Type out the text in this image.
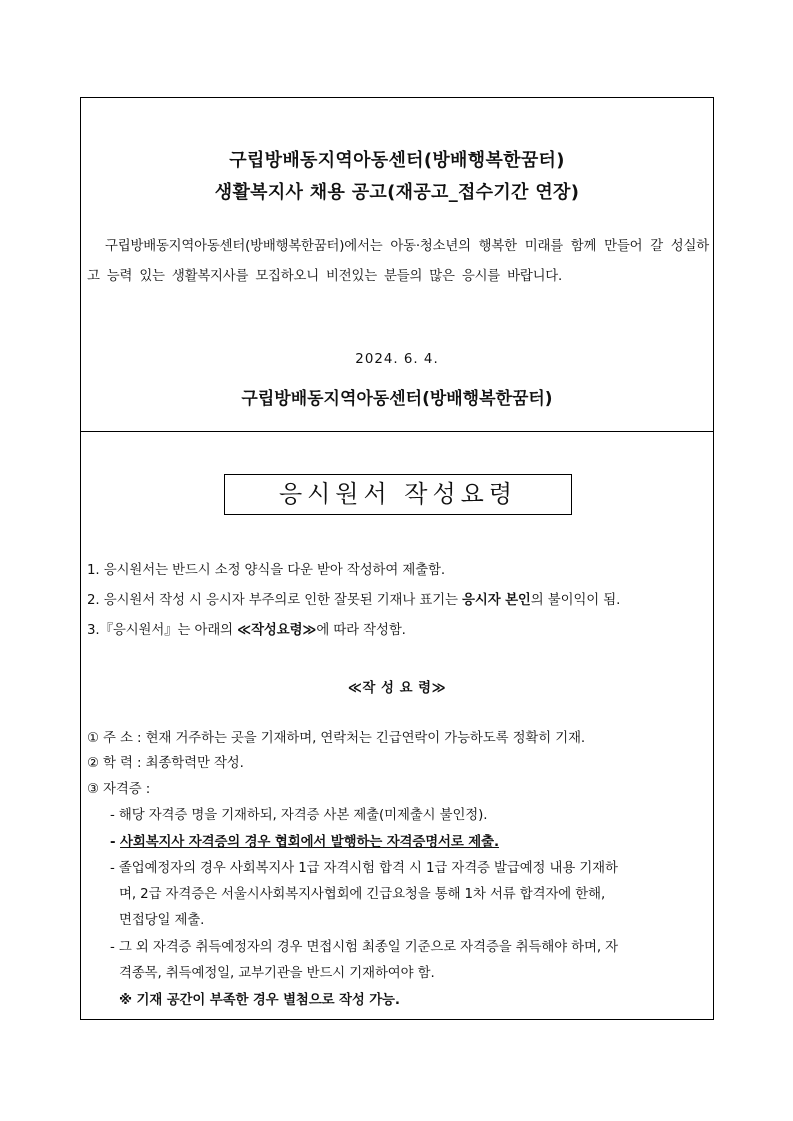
구립방배동지역아동센터(방배행복한꿈터)
생활복지사 채용 공고(재공고_접수기간 연장)
구립방배동지역아동센터(방배행복한꿈터)에서는 아동·청소년의 행복한 미래를 함께 만들어 갈 성실하고 능력 있는 생활복지사를 모집하오니 비전있는 분들의 많은 응시를 바랍니다.
2024. 6. 4.
구립방배동지역아동센터(방배행복한꿈터)
응시원서 작성요령
1. 응시원서는 반드시 소정 양식을 다운 받아 작성하여 제출함.
2. 응시원서 작성 시 응시자 부주의로 인한 잘못된 기재나 표기는 응시자 본인의 불이익이 됨.
3.『응시원서』는 아래의 ≪작성요령≫에 따라 작성함.
≪작 성 요 령≫
① 주 소 : 현재 거주하는 곳을 기재하며, 연락처는 긴급연락이 가능하도록 정확히 기재.
② 학 력 : 최종학력만 작성.
③ 자격증 :
- 해당 자격증 명을 기재하되, 자격증 사본 제출(미제출시 불인정).
- 사회복지사 자격증의 경우 협회에서 발행하는 자격증명서로 제출.
- 졸업예정자의 경우 사회복지사 1급 자격시험 합격 시 1급 자격증 발급예정 내용 기재하
며, 2급 자격증은 서울시사회복지사협회에 긴급요청을 통해 1차 서류 합격자에 한해,
면접당일 제출.
- 그 외 자격증 취득예정자의 경우 면접시험 최종일 기준으로 자격증을 취득해야 하며, 자
격종목, 취득예정일, 교부기관을 반드시 기재하여야 함.
※ 기재 공간이 부족한 경우 별첨으로 작성 가능.
